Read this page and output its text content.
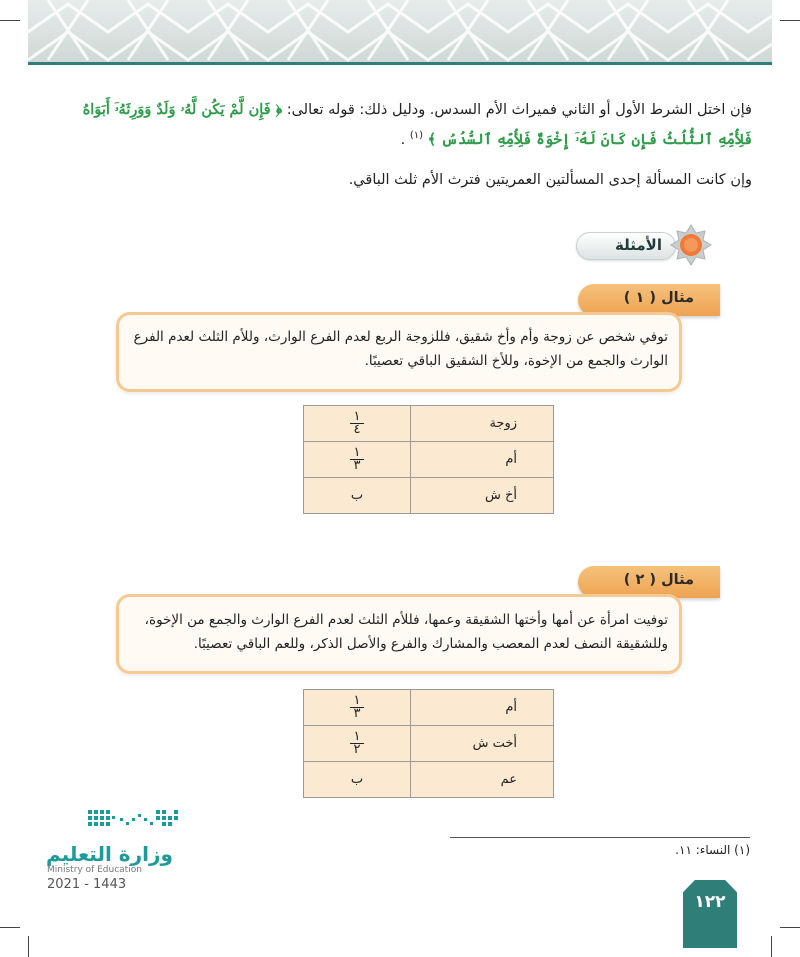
فإن اختل الشرط الأول أو الثاني فميراث الأم السدس. ودليل ذلك: قوله تعالى: ﴿ فَإِن لَّمْ يَكُن لَّهُۥ وَلَدٌ وَوَرِثَهُۥٓ أَبَوَاهُ
فَلِأُمِّهِ ٱلثُّلُثُ فَإِن كَانَ لَهُۥٓ إِخْوَةٌ فَلِأُمِّهِ ٱلسُّدُسُ ﴾ $^{(١)}$ .
وإن كانت المسألة إحدى المسألتين العمريتين فترث الأم ثلث الباقي.
الأمثلة
مثال ( ١ )
توفي شخص عن زوجة وأم وأخ شقيق، فللزوجة الربع لعدم الفرع الوارث، وللأم الثلث لعدم الفرع
الوارث والجمع من الإخوة، وللأخ الشقيق الباقي تعصيبًا.
$\frac{١}{٤}$	زوجة

$\frac{١}{٣}$	أم
ب	أخ ش
مثال ( ٢ )
توفيت امرأة عن أمها وأختها الشقيقة وعمها، فللأم الثلث لعدم الفرع الوارث والجمع من الإخوة،
وللشقيقة النصف لعدم المعصب والمشارك والفرع والأصل الذكر، وللعم الباقي تعصيبًا.
$\frac{١}{٣}$	أم

$\frac{١}{٢}$	أخت ش
ب	عم
(١) النساء: ١١.
وزارة التعليم
Ministry of Education
2021 - 1443
١٢٢
